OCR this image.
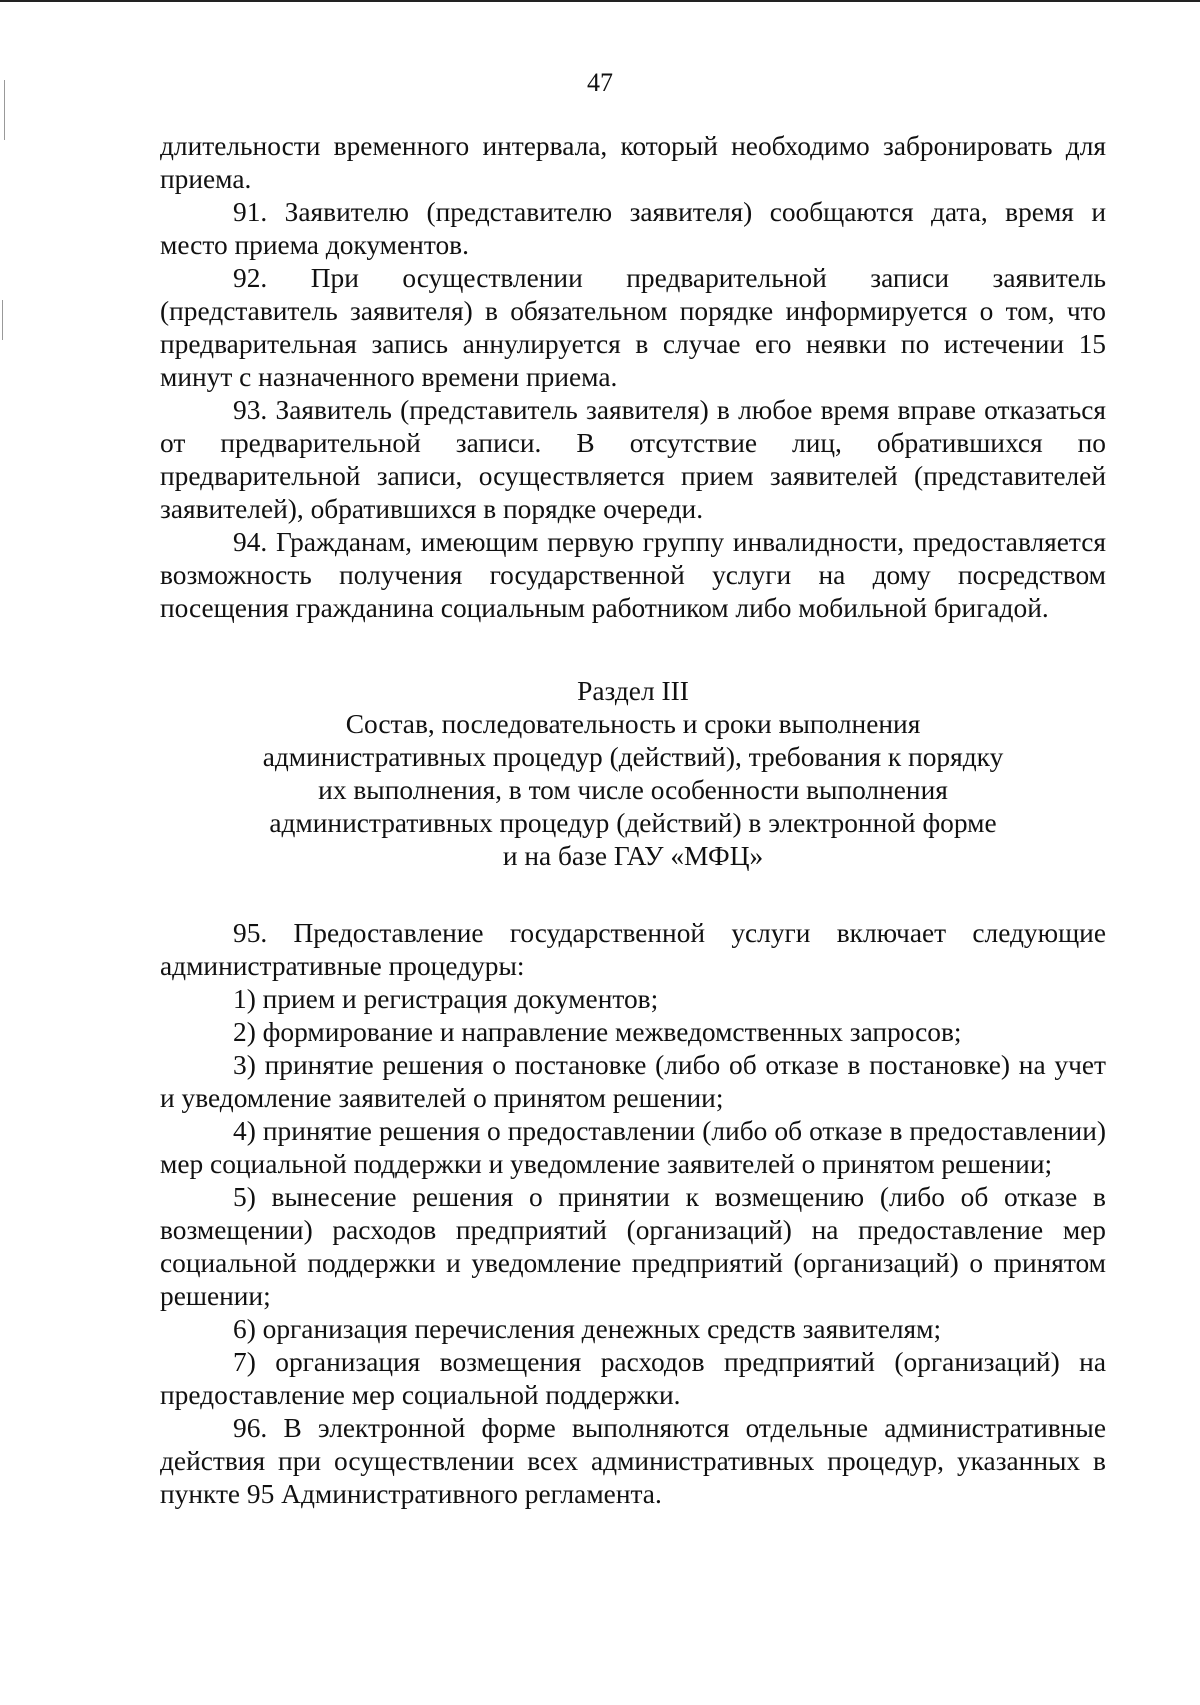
47

длительности временного интервала, который необходимо забронировать для приема.

91. Заявителю (представителю заявителя) сообщаются дата, время и место приема документов.

92. При осуществлении предварительной записи заявитель (представитель заявителя) в обязательном порядке информируется о том, что предварительная запись аннулируется в случае его неявки по истечении 15 минут с назначенного времени приема.

93. Заявитель (представитель заявителя) в любое время вправе отказаться от предварительной записи. В отсутствие лиц, обратившихся по предварительной записи, осуществляется прием заявителей (представителей заявителей), обратившихся в порядке очереди.

94. Гражданам, имеющим первую группу инвалидности, предоставляется возможность получения государственной услуги на дому посредством посещения гражданина социальным работником либо мобильной бригадой.

Раздел III
Состав, последовательность и сроки выполнения
административных процедур (действий), требования к порядку
их выполнения, в том числе особенности выполнения
административных процедур (действий) в электронной форме
и на базе ГАУ «МФЦ»

95. Предоставление государственной услуги включает следующие административные процедуры:

1) прием и регистрация документов;

2) формирование и направление межведомственных запросов;

3) принятие решения о постановке (либо об отказе в постановке) на учет и уведомление заявителей о принятом решении;

4) принятие решения о предоставлении (либо об отказе в предоставлении) мер социальной поддержки и уведомление заявителей о принятом решении;

5) вынесение решения о принятии к возмещению (либо об отказе в возмещении) расходов предприятий (организаций) на предоставление мер социальной поддержки и уведомление предприятий (организаций) о принятом решении;

6) организация перечисления денежных средств заявителям;

7) организация возмещения расходов предприятий (организаций) на предоставление мер социальной поддержки.

96. В электронной форме выполняются отдельные административные действия при осуществлении всех административных процедур, указанных в пункте 95 Административного регламента.
